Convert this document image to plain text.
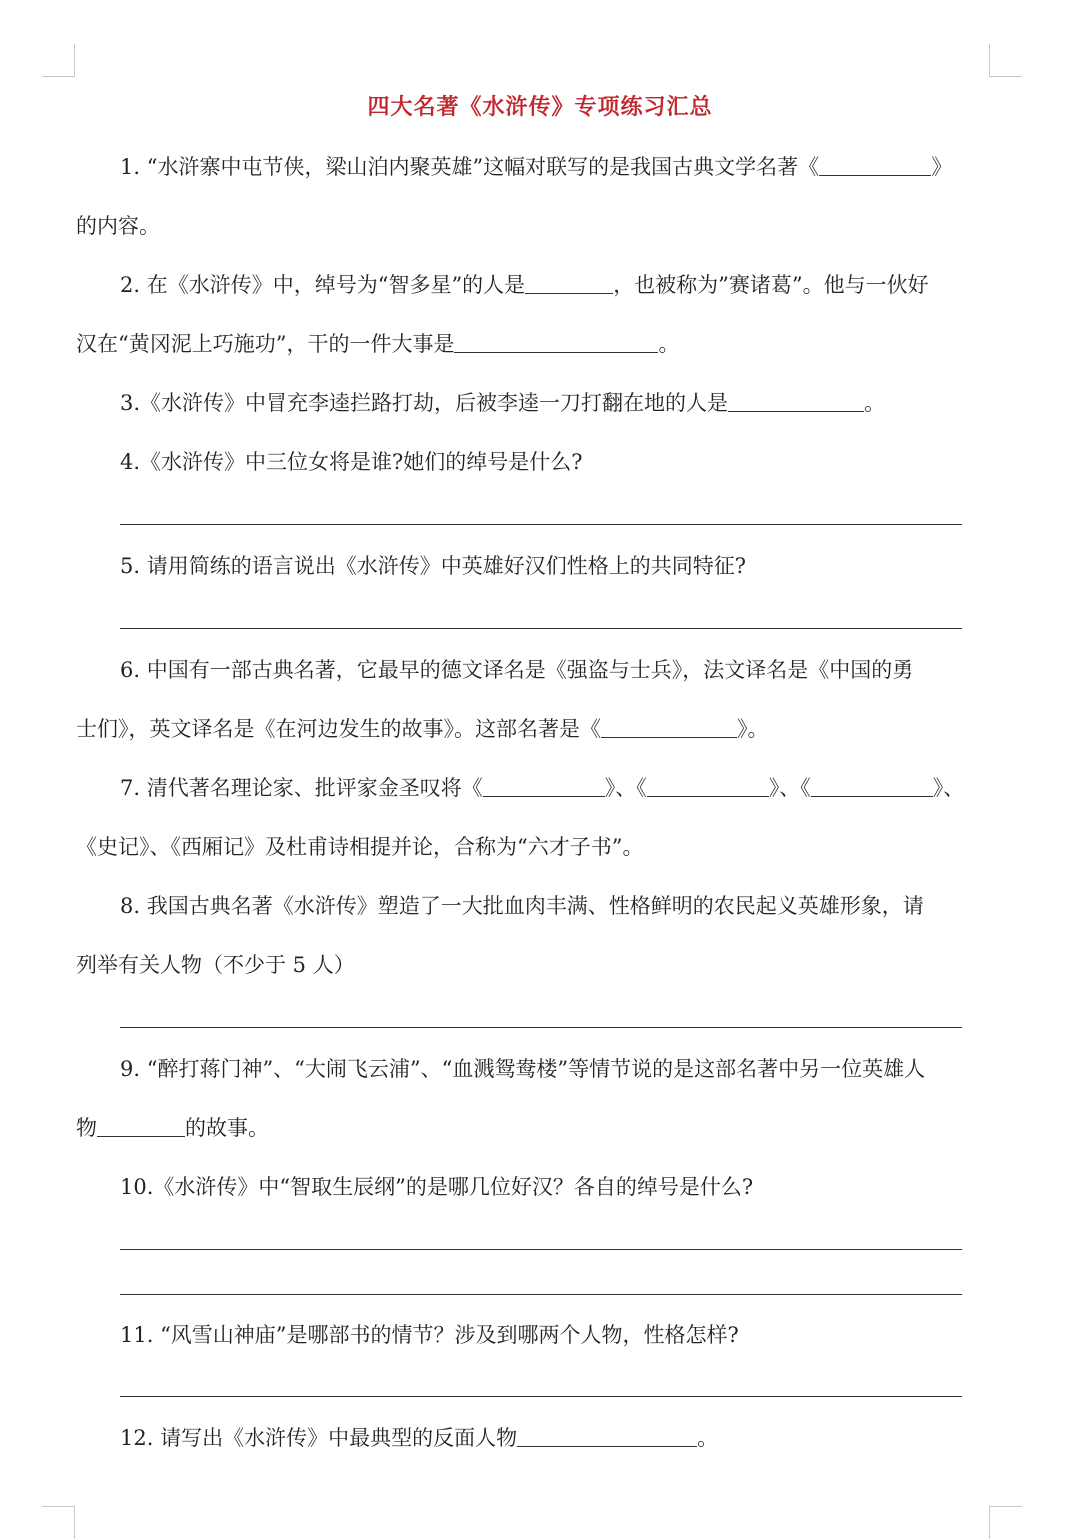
四大名著《水浒传》专项练习汇总
1. “水浒寨中屯节侠，梁山泊内聚英雄”这幅对联写的是我国古典文学名著《	》
的内容。
2. 在《水浒传》中，绰号为“智多星”的人是	，也被称为”赛诸葛”。他与一伙好
汉在“黄冈泥上巧施功”，干的一件大事是	。
3.《水浒传》中冒充李逵拦路打劫，后被李逵一刀打翻在地的人是	。
4.《水浒传》中三位女将是谁?她们的绰号是什么?
5. 请用简练的语言说出《水浒传》中英雄好汉们性格上的共同特征?
6. 中国有一部古典名著，它最早的德文译名是《强盗与士兵》，法文译名是《中国的勇
士们》，英文译名是《在河边发生的故事》。这部名著是《	》。
7. 清代著名理论家、批评家金圣叹将《	》、《	》、《	》、
《史记》、《西厢记》及杜甫诗相提并论，合称为“六才子书”。
8. 我国古典名著《水浒传》塑造了一大批血肉丰满、性格鲜明的农民起义英雄形象，请
列举有关人物（不少于 5 人）
9. “醉打蒋门神”、“大闹飞云浦”、“血溅鸳鸯楼”等情节说的是这部名著中另一位英雄人
物	的故事。
10.《水浒传》中“智取生辰纲”的是哪几位好汉？各自的绰号是什么?
11. “风雪山神庙”是哪部书的情节？涉及到哪两个人物，性格怎样?
12. 请写出《水浒传》中最典型的反面人物	。
